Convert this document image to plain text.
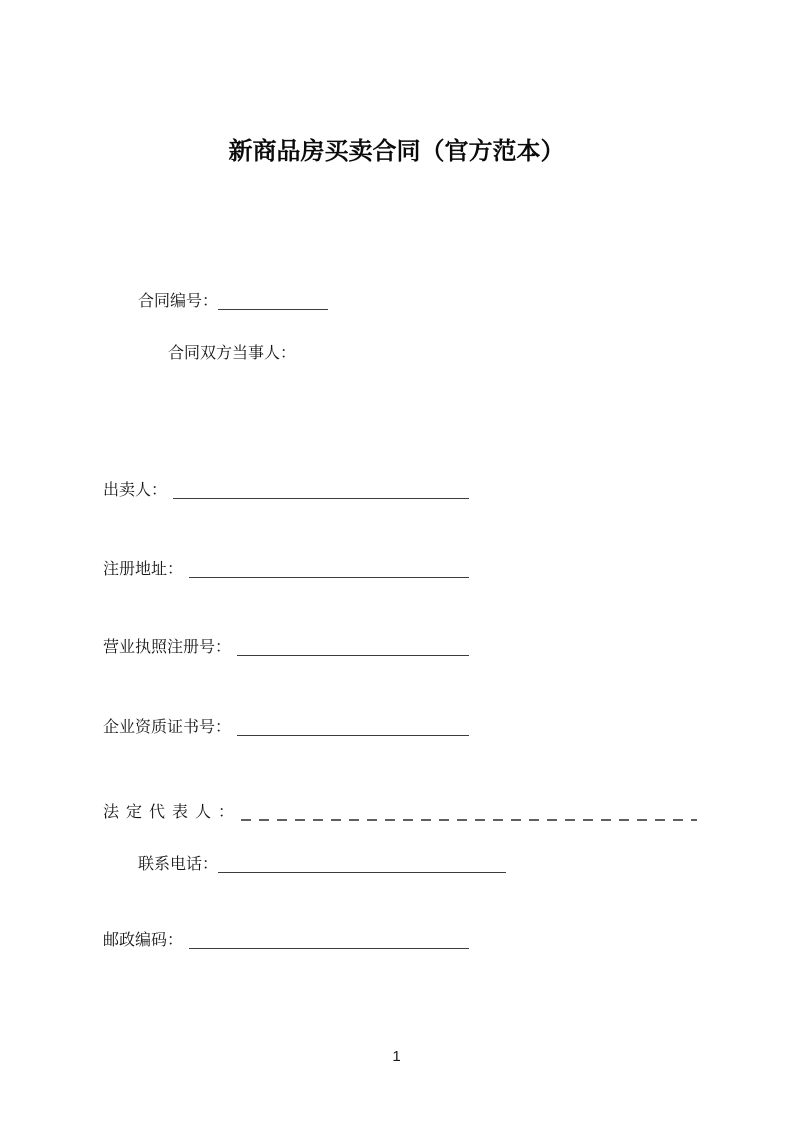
新商品房买卖合同（官方范本）
合同编号：
合同双方当事人：
出卖人：
注册地址：
营业执照注册号：
企业资质证书号：
法定代表人：
联系电话：
邮政编码：
1
